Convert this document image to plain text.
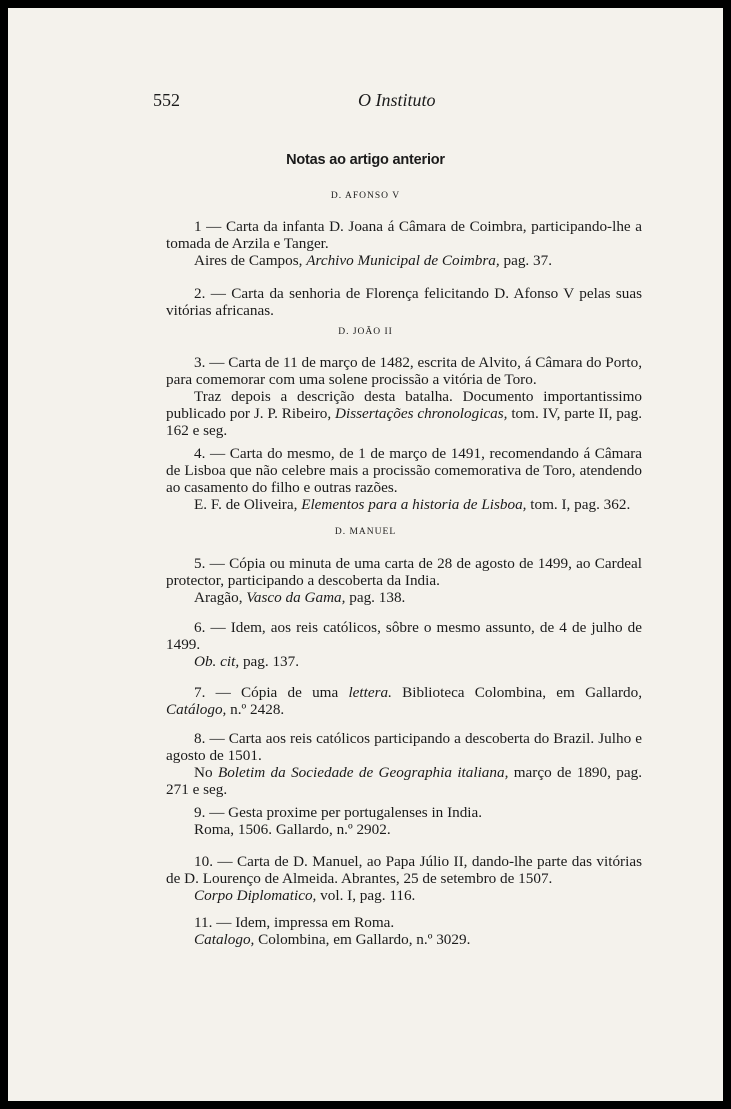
552	O Instituto
Notas ao artigo anterior
D. AFONSO V

1 — Carta da infanta D. Joana á Câmara de Coimbra, participando-lhe a tomada de Arzila e Tanger.

Aires de Campos, Archivo Municipal de Coimbra, pag. 37.

2. — Carta da senhoria de Florença felicitando D. Afonso V pelas suas vitórias africanas.

D. JOÃO II

3. — Carta de 11 de março de 1482, escrita de Alvito, á Câmara do Porto, para comemorar com uma solene procissão a vitória de Toro.

Traz depois a descrição desta batalha. Documento importantissimo publicado por J. P. Ribeiro, Dissertações chronologicas, tom. IV, parte II, pag. 162 e seg.

4. — Carta do mesmo, de 1 de março de 1491, recomendando á Câmara de Lisboa que não celebre mais a procissão comemorativa de Toro, atendendo ao casamento do filho e outras razões.

E. F. de Oliveira, Elementos para a historia de Lisboa, tom. I, pag. 362.

D. MANUEL

5. — Cópia ou minuta de uma carta de 28 de agosto de 1499, ao Cardeal protector, participando a descoberta da India.

Aragão, Vasco da Gama, pag. 138.

6. — Idem, aos reis católicos, sôbre o mesmo assunto, de 4 de julho de 1499.

Ob. cit, pag. 137.

7. — Cópia de uma lettera. Biblioteca Colombina, em Gallardo, Catálogo, n.º 2428.

8. — Carta aos reis católicos participando a descoberta do Brazil. Julho e agosto de 1501.

No Boletim da Sociedade de Geographia italiana, março de 1890, pag. 271 e seg.

9. — Gesta proxime per portugalenses in India.

Roma, 1506. Gallardo, n.º 2902.

10. — Carta de D. Manuel, ao Papa Júlio II, dando-lhe parte das vitórias de D. Lourenço de Almeida. Abrantes, 25 de setembro de 1507.

Corpo Diplomatico, vol. I, pag. 116.

11. — Idem, impressa em Roma.

Catalogo, Colombina, em Gallardo, n.º 3029.
